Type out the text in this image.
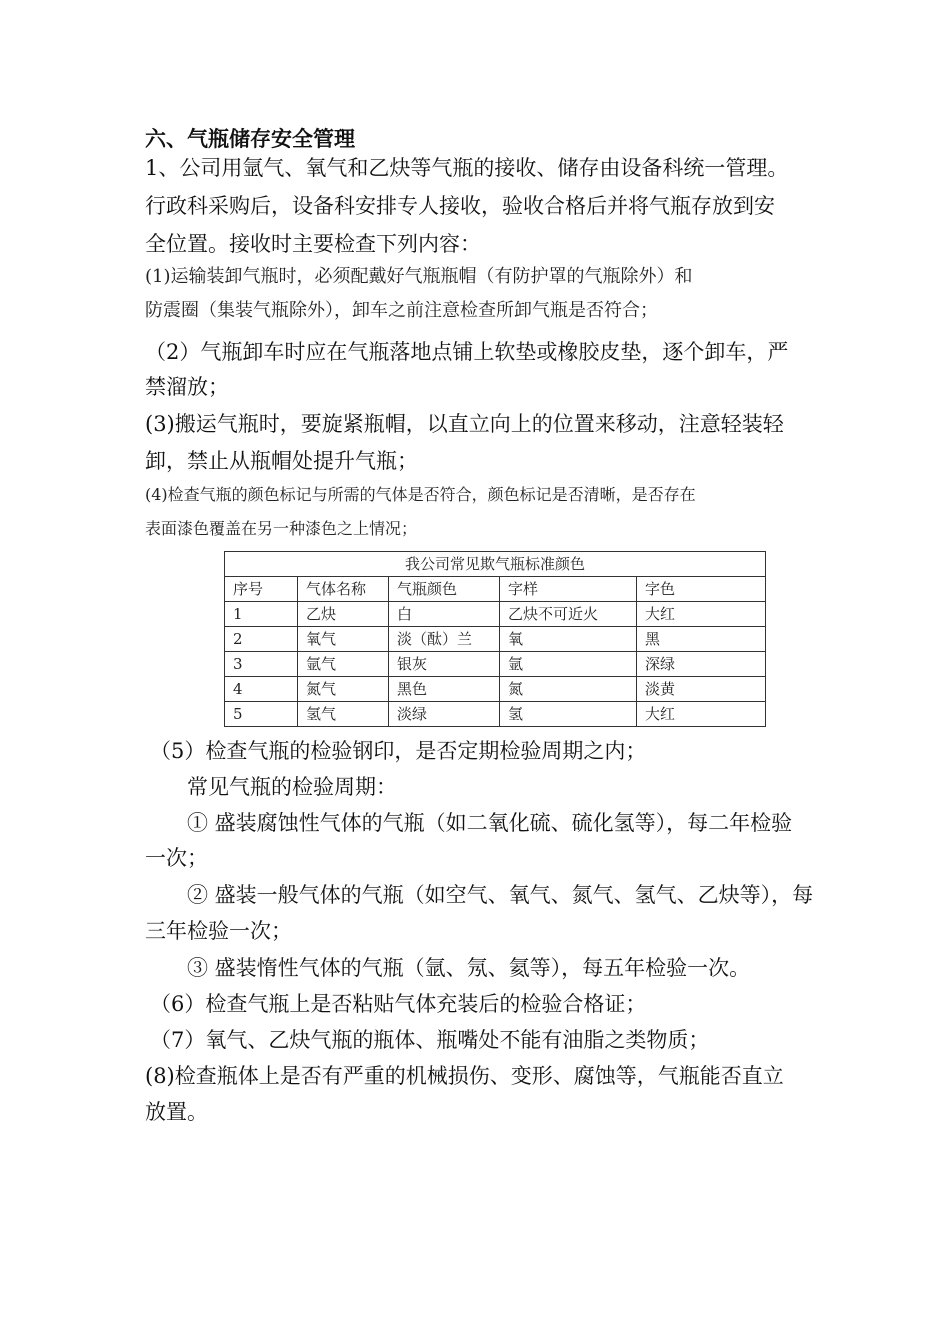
六、气瓶储存安全管理
1、公司用氩气、氧气和乙炔等气瓶的接收、储存由设备科统一管理。
行政科采购后，设备科安排专人接收，验收合格后并将气瓶存放到安
全位置。接收时主要检查下列内容：
(1)运输装卸气瓶时，必须配戴好气瓶瓶帽（有防护罩的气瓶除外）和
防震圈（集装气瓶除外），卸车之前注意检查所卸气瓶是否符合；
（2）气瓶卸车时应在气瓶落地点铺上软垫或橡胶皮垫，逐个卸车，严
禁溜放；
(3)搬运气瓶时，要旋紧瓶帽，以直立向上的位置来移动，注意轻装轻
卸，禁止从瓶帽处提升气瓶；
(4)检查气瓶的颜色标记与所需的气体是否符合，颜色标记是否清晰，是否存在
表面漆色覆盖在另一种漆色之上情况；
我公司常见欺气瓶标准颜色				
序号	气体名称	气瓶颜色	字样	字色
1	乙炔	白	乙炔不可近火	大红
2	氧气	淡（酞）兰	氧	黑
3	氩气	银灰	氩	深绿
4	氮气	黑色	氮	淡黄
5	氢气	淡绿	氢	大红
（5）检查气瓶的检验钢印，是否定期检验周期之内；
常见气瓶的检验周期：
① 盛装腐蚀性气体的气瓶（如二氧化硫、硫化氢等），每二年检验
一次；
② 盛装一般气体的气瓶（如空气、氧气、氮气、氢气、乙炔等），每
三年检验一次；
③ 盛装惰性气体的气瓶（氩、氖、氦等），每五年检验一次。
（6）检查气瓶上是否粘贴气体充装后的检验合格证；
（7）氧气、乙炔气瓶的瓶体、瓶嘴处不能有油脂之类物质；
(8)检查瓶体上是否有严重的机械损伤、变形、腐蚀等，气瓶能否直立
放置。
